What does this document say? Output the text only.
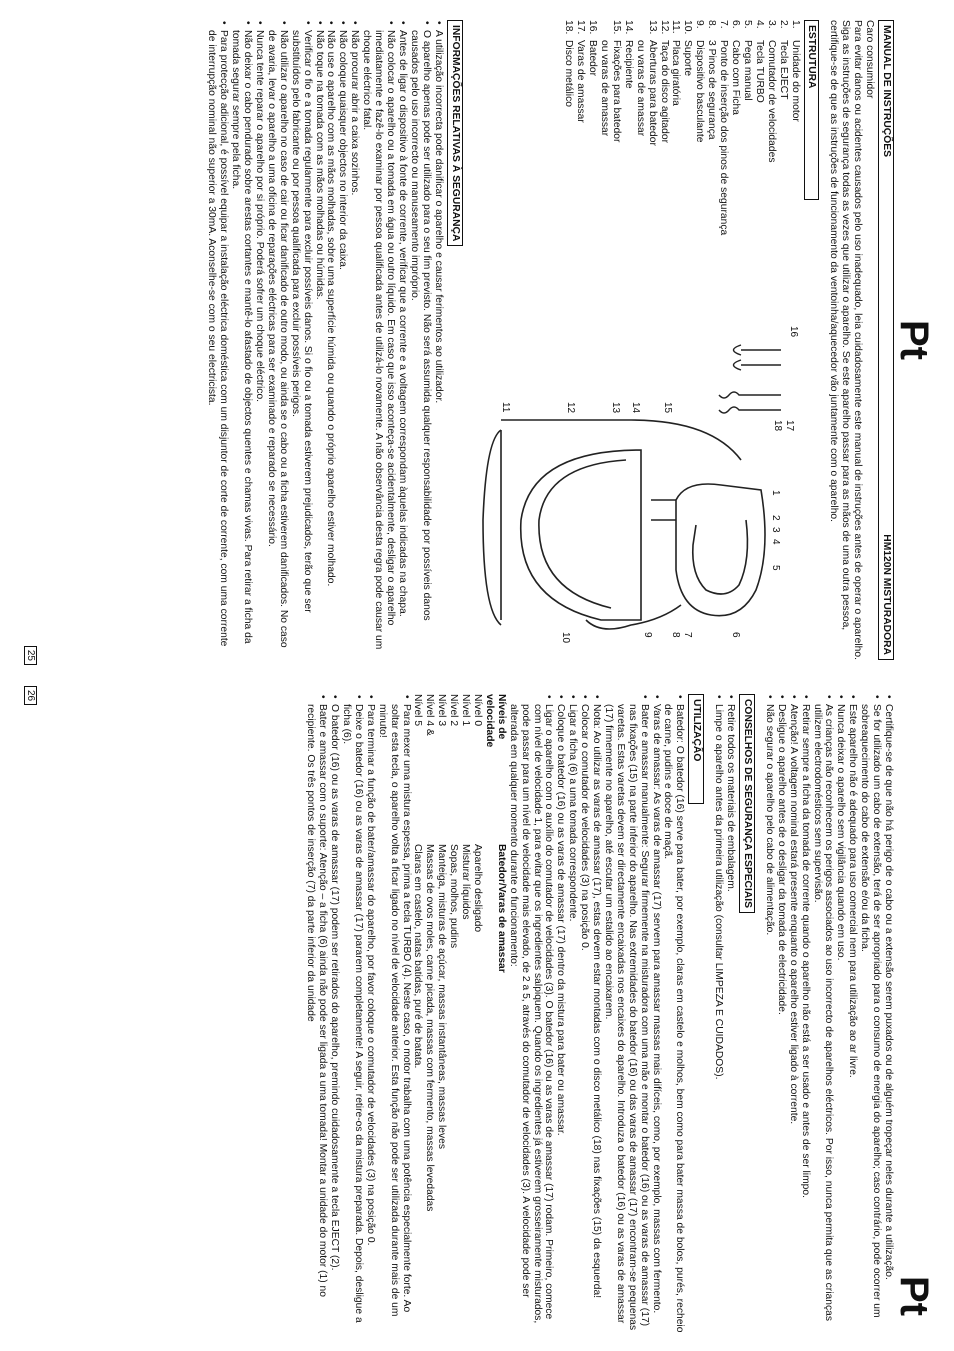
Pt
MANUAL DE INSTRUÇÕES
HM120N MISTURADORA

Caro consumidor

Para evitar danos ou acidentes causados pelo uso inadequado, leia cuidadosamente este manual de instruções antes de operar o aparelho. Siga as instruções de segurança todas as vezes que utilizar o aparelho. Se este aparelho passar para as mãos de uma outra pessoa, certifique-se de que as instruções de funcionamento da ventoinha/aquecedor vão juntamente com o aparelho.

ESTRUTURA
1.
Unidade do motor
2.
Tecla EJECT
3.
Comutador de velocidades
4.
Tecla TURBO
5.
Pega manual
6.
Cabo com Ficha
7.
Ponto de inserção dos pinos de segurança
8.
3 Pinos de segurança
9.
Dispositivo basculante
10.
Suporte
11.
Placa giratória
12.
Taça do disco agitador
13.
Aberturas para batedor
ou varas de amassar
14.
Recipiente
15.
Fixações para batedor
ou varas de amassar
16.
Batedor
17.
Varas de amassar
18.
Disco metálico
16
17
18
1
2
3
4
5
6
7
8
9
10
11	12	13 14 15
INFORMAÇÕES RELATIVAS À SEGURANÇA
• A utilização incorrecta pode danificar o aparelho e causar ferimentos ao utilizador.
• O aparelho apenas pode ser utilizado para o seu fim previsto. Não será assumida qualquer responsabilidade por possíveis danos causados pelo uso incorrecto ou manuseamento impróprio.
• Antes de ligar o dispositivo à fonte de corrente, verificar que a corrente e a voltagem correspondam àquelas indicadas na chapa.
• Não colocar o aparelho ou a tomada em água ou outro líquido. Em caso que isso aconteça-se acidentalmente, desligar o aparelho imediatamente e fazê-lo examinar por pessoa qualificada antes de utilizá-lo novamente. A não observância desta regra pode causar um choque eléctrico fatal.
• Não procurar abrir a caixa sozinhos.
• Não coloque quaisquer objectos no interior da caixa.
• Não use o aparelho com as mãos molhadas, sobre uma superfície húmida ou quando o próprio aparelho estiver molhado.
• Não toque na tomada com as mãos molhadas ou húmidas.
• Verificar o fio e a tomada regularmente para excluir possíveis danos. Si o fio ou a tomada estiverem prejudicados, terão que ser substituídos pelo fabricante ou por pessoa qualificada para excluir possíveis perigos.
• Não utilizar o aparelho no caso de cair ou ficar danificado de outro modo, ou ainda se o cabo ou a ficha estiverem danificados. No caso de avaria, levar o aparelho a uma oficina de reparações eléctricas para ser examinado e reparado se necessário.
• Nunca tente reparar o aparelho por si próprio. Poderá sofrer um choque eléctrico.
• Não deixar o cabo pendurado sobre arestas cortantes e mantê-lo afastado de objectos quentes e chamas vivas. Para retirar a ficha da tomada segurar sempre pela ficha.
• Para protecção adicional, é possível equipar a instalação eléctrica doméstica com um disjuntor de corte de corrente, com uma corrente de interrupção nominal não superior a 30mA. Aconselhe-se com o seu electricista.
25
Pt
• Certifique-se de que não há perigo de o cabo ou a extensão serem puxados ou de alguém tropeçar neles durante a utilização.
• Se for utilizado um cabo de extensão, terá de ser apropriado para o consumo de energia do aparelho; caso contrário, pode ocorrer um sobreaquecimento do cabo de extensão e/ou da ficha.
• Este aparelho não é adequado para uso comercial nem para utilização ao ar livre.
• Nunca deixar o aparelho sem vigilância quando em uso.
• As crianças não reconhecem os perigos associados ao uso incorrecto de aparelhos eléctricos. Por isso, nunca permita que as crianças utilizem electrodomésticos sem supervisão.
• Retirar sempre a ficha da tomada de corrente quando o aparelho não está a ser usado e antes de ser limpo.
• Atenção! A voltagem nominal estará presente enquanto o aparelho estiver ligado à corrente.
• Desligue o aparelho antes de o desligar da tomada de electricidade.
• Não segurar o aparelho pelo cabo de alimentação.
CONSELHOS DE SEGURANÇA ESPECIAIS
• Retire todos os materiais de embalagem.
• Limpe o aparelho antes da primeira utilização (consultar LIMPEZA E CUIDADOS).
UTILIZAÇÃO
• Batedor: O batedor (16) serve para bater, por exemplo, claras em castelo e molhos, bem como para bater massa de bolos, purés, recheio de carne, pudins e doce de maçã.
• Varas de amassar: As varas de amassar (17) servem para amassar massas mais difíceis, como, por exemplo, massas com fermento.
• Bater e amassar manualmente: Segurar firmemente na misturadora com uma mão e montar o batedor (16) ou as varas de amassar (17) nas fixações (15) na parte inferior do aparelho. Nas extremidades do batedor (16) ou das varas de amassar (17) encontram-se pequenas varetas. Estas varetas devem ser directamente encaixadas nos encaixes do aparelho. Introduza o batedor (16) ou as varas de amassar (17) firmemente no aparelho, até escutar um estalido ao encaixarem.
• Nota: Ao utilizar as varas de amassar (17), estas devem estar montadas com o disco metálico (18) nas fixações (15) da esquerda!
• Colocar o comutador de velocidades (3) na posição 0.
• Ligar a ficha (6) a uma tomada correspondente.
• Coloque o batedor (16) ou as varas de amassar (17) dentro da mistura para bater ou amassar.
• Ligar o aparelho com o auxílio do comutador de velocidades (3). O batedor (16) ou as varas de amassar (17) rodam. Primeiro, comece com nível de velocidade 1, para evitar que os ingredientes salpiquem. Quando os ingredientes já estiverem grosseiramente misturados, pode passar para um nível de velocidade mais elevado, de 2 a 5, através do comutador de velocidades (3). A velocidade pode ser alterada em qualquer momento durante o funcionamento:
Níveis de velocidade
Batedor/Varas de amassar
Nível 0
Aparelho desligado
Nível 1
Misturar líquidos
Nível 2
Sopas, molhos, pudins
Nível 3
Manteiga, misturas de açúcar, massas instantâneas, massas leves
Nível 4 &
Massas de ovos moles, carne picada, massas com fermento, massas levedadas
Nível 5
Claras em castelo, natas batidas, puré de batata.
• Para mexer uma mistura espessa, prima a tecla TURBO (4). Neste caso, o motor trabalha com uma potência especialmente forte. Ao soltar esta tecla, o aparelho volta a ficar ligado no nível de velocidade anterior. Esta função não pode ser utilizada durante mais de um minuto!
• Para terminar a função de bater/amassar do aparelho, por favor coloque o comutador de velocidades (3) na posição 0.
• Deixe o batedor (16) ou as varas de amassar (17) pararem completamente! A seguir, retire-os da mistura preparada. Depois, desligue a ficha (6).
• O batedor (16) ou as varas de amassar (17) podem ser retirados do aparelho, premindo cuidadosamente a tecla EJECT (2).
• Bater e amassar com o suporte: Atenção – a ficha (6) ainda não pode ser ligada a uma tomada! Montar a unidade do motor (1) no recipiente. Os três pontos de inserção (7) da parte inferior da unidade
26
